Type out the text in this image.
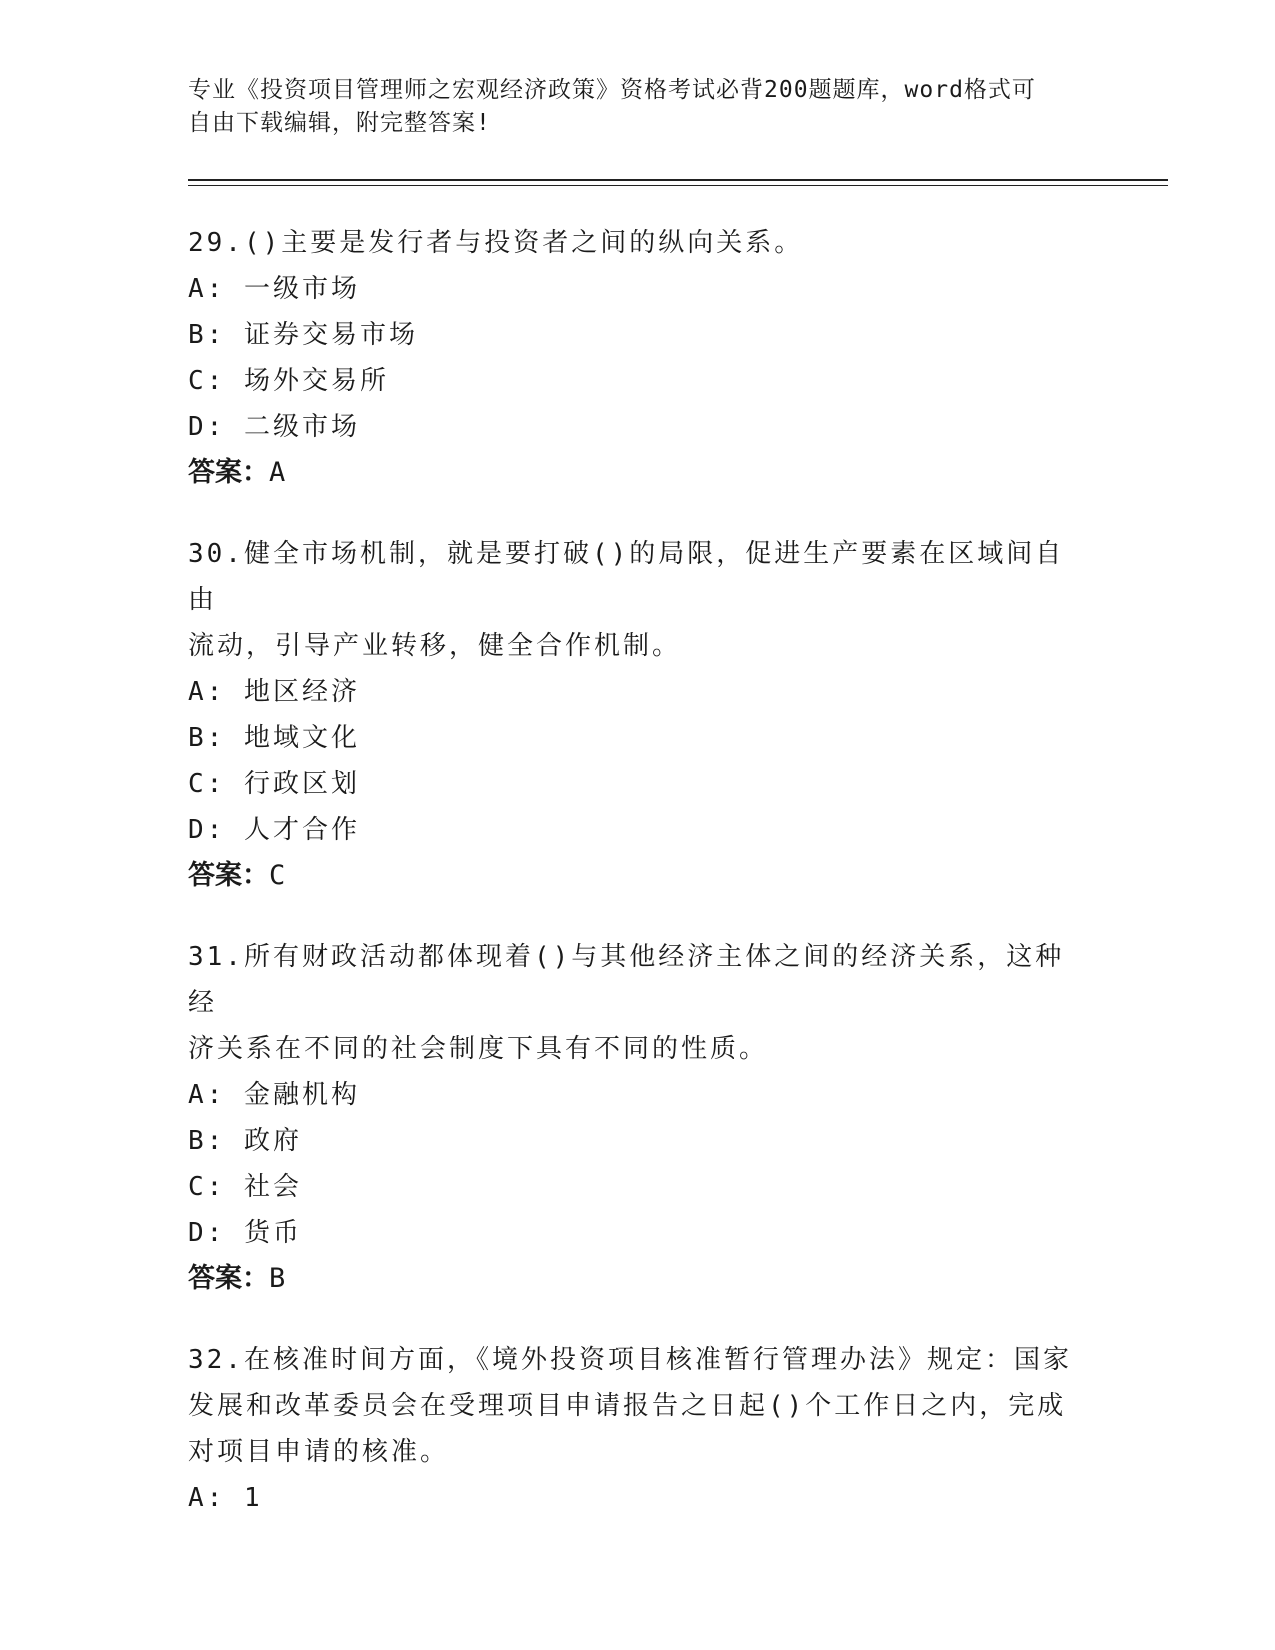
专业《投资项目管理师之宏观经济政策》资格考试必背200题题库，word格式可
自由下载编辑，附完整答案!
29.()主要是发行者与投资者之间的纵向关系。
A: 一级市场
B: 证券交易市场
C: 场外交易所
D: 二级市场
答案：A
30.健全市场机制，就是要打破()的局限，促进生产要素在区域间自由
流动，引导产业转移，健全合作机制。
A: 地区经济
B: 地域文化
C: 行政区划
D: 人才合作
答案：C
31.所有财政活动都体现着()与其他经济主体之间的经济关系，这种经
济关系在不同的社会制度下具有不同的性质。
A: 金融机构
B: 政府
C: 社会
D: 货币
答案：B
32.在核准时间方面，《境外投资项目核准暂行管理办法》规定：国家
发展和改革委员会在受理项目申请报告之日起()个工作日之内，完成
对项目申请的核准。
A: 1
